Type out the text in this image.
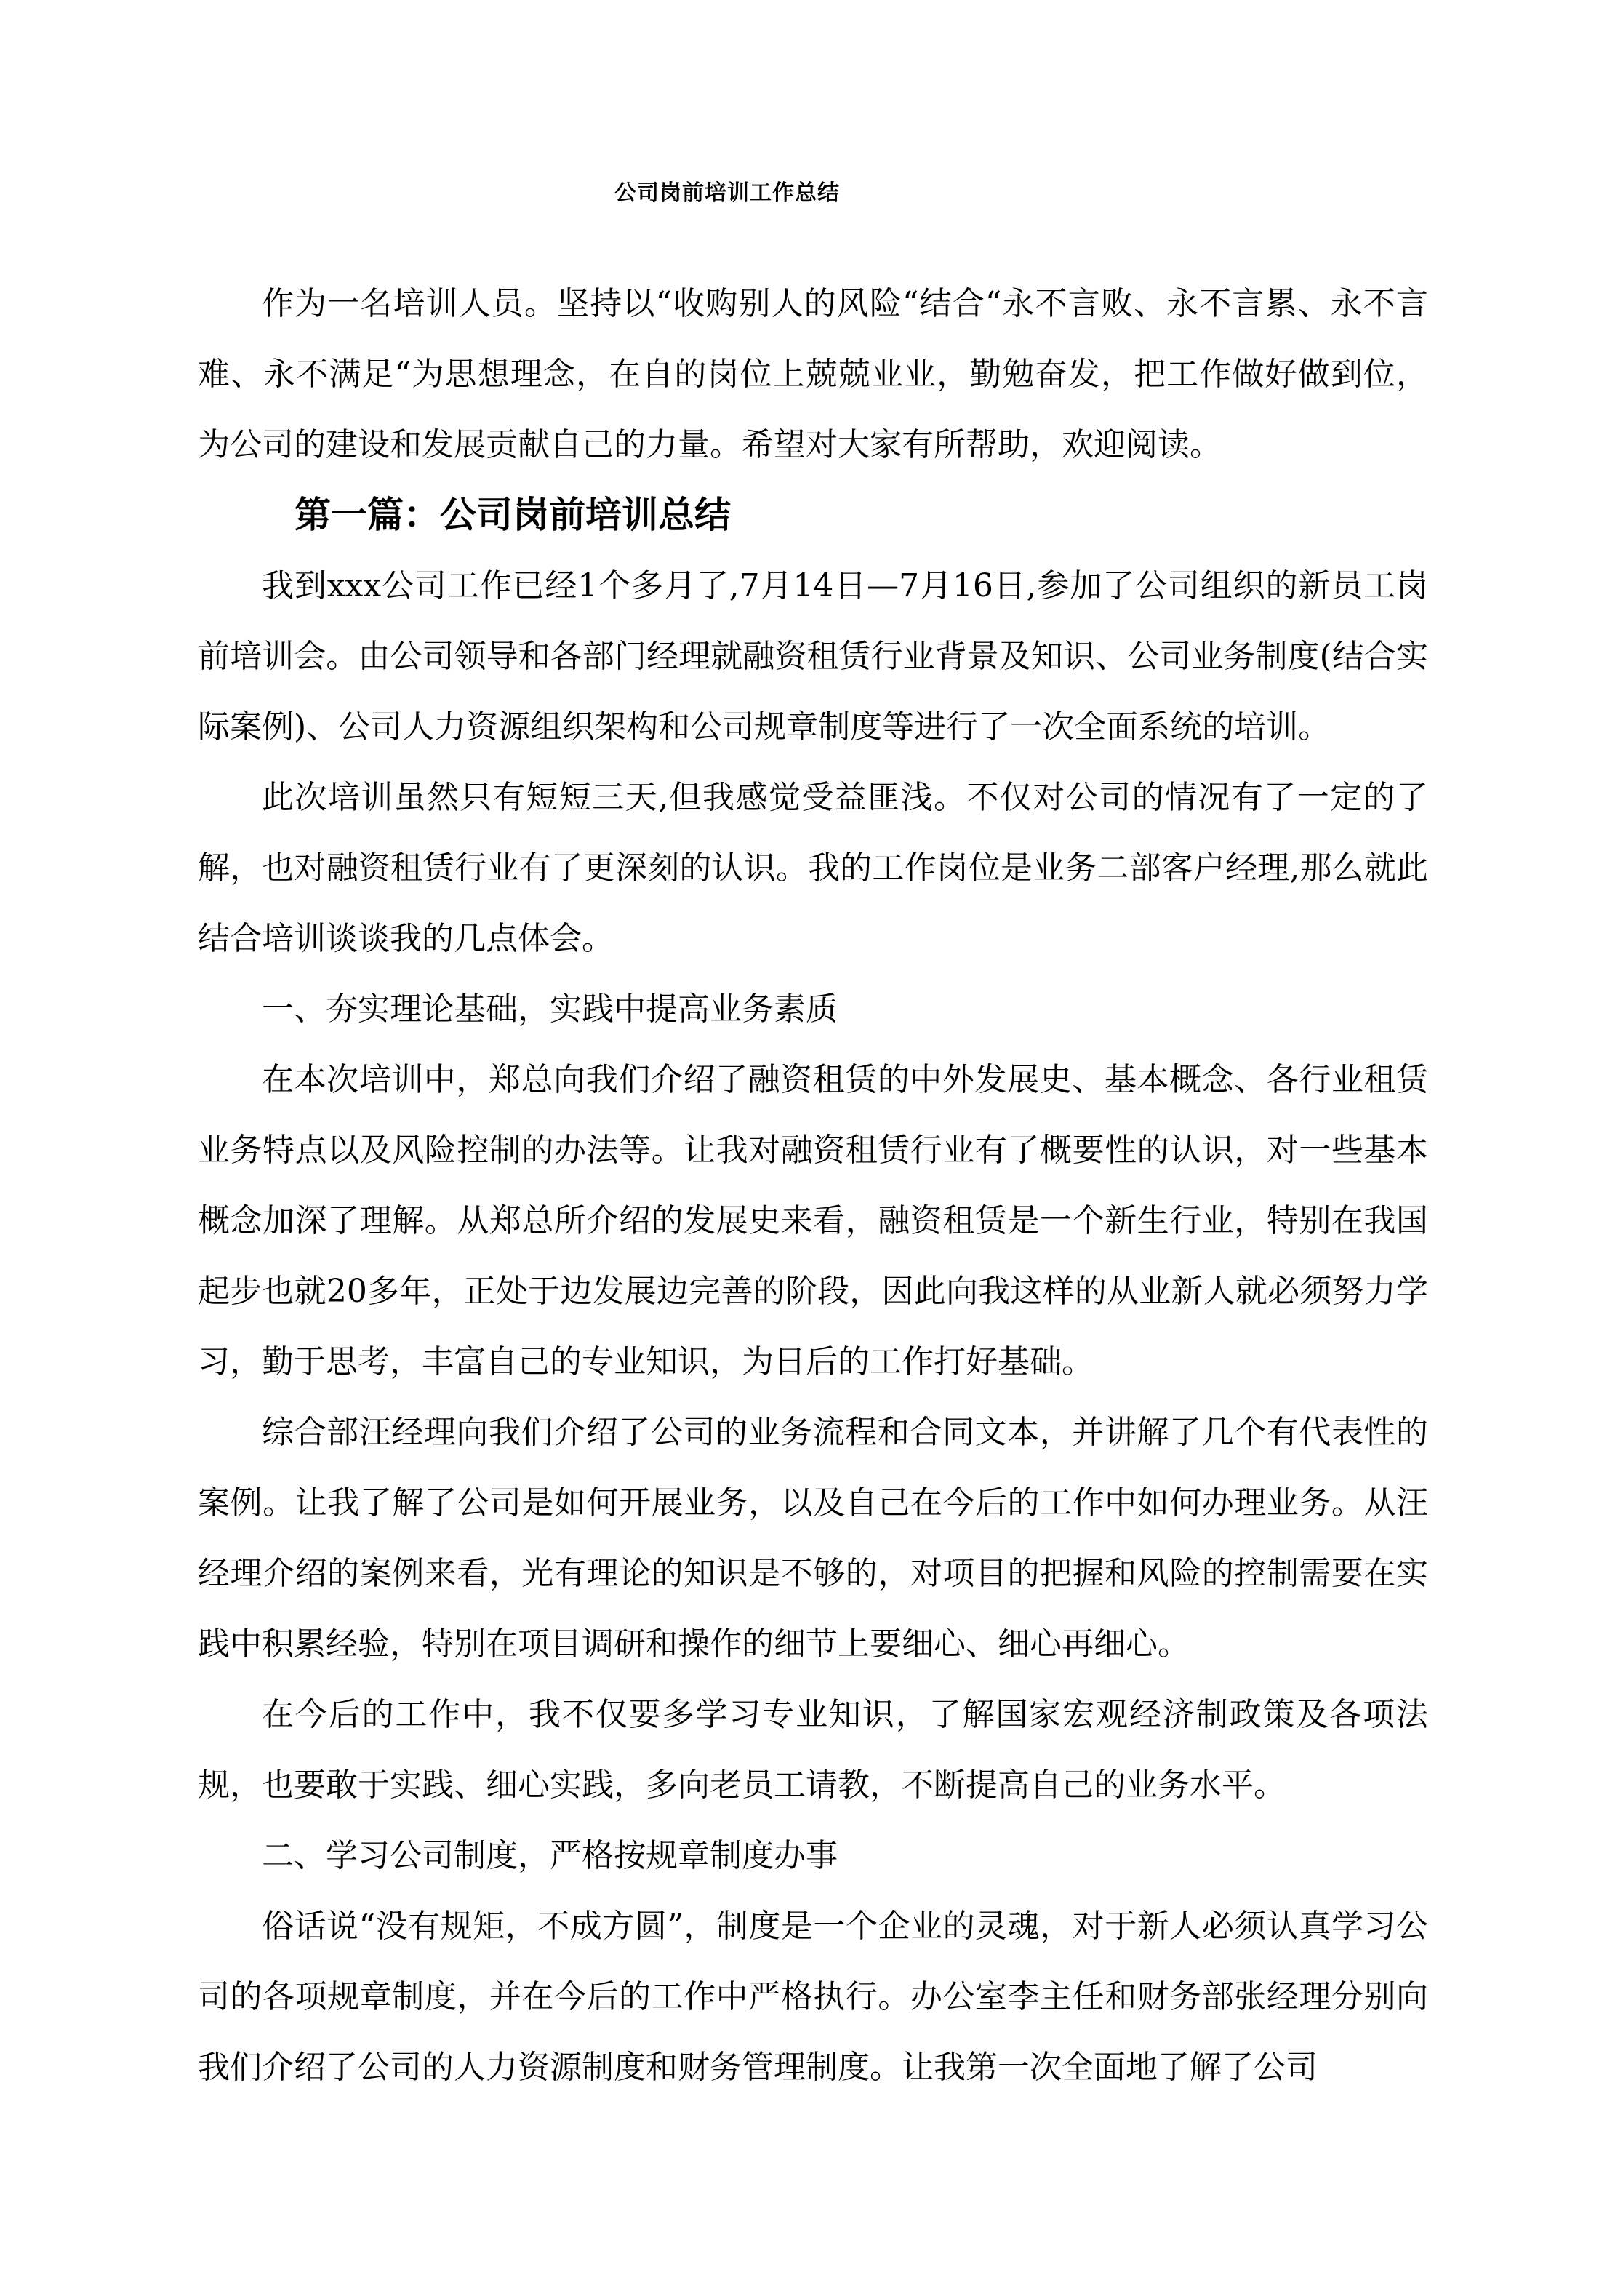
公司岗前培训工作总结

作为一名培训人员。坚持以“收购别人的风险“结合“永不言败、永不言累、永不言难、永不满足“为思想理念，在自的岗位上兢兢业业，勤勉奋发，把工作做好做到位，为公司的建设和发展贡献自己的力量。希望对大家有所帮助，欢迎阅读。

第一篇：公司岗前培训总结

我到xxx公司工作已经1个多月了,7月14日—7月16日,参加了公司组织的新员工岗前培训会。由公司领导和各部门经理就融资租赁行业背景及知识、公司业务制度(结合实际案例)、公司人力资源组织架构和公司规章制度等进行了一次全面系统的培训。

此次培训虽然只有短短三天,但我感觉受益匪浅。不仅对公司的情况有了一定的了解，也对融资租赁行业有了更深刻的认识。我的工作岗位是业务二部客户经理,那么就此结合培训谈谈我的几点体会。

一、夯实理论基础，实践中提高业务素质

在本次培训中，郑总向我们介绍了融资租赁的中外发展史、基本概念、各行业租赁业务特点以及风险控制的办法等。让我对融资租赁行业有了概要性的认识，对一些基本概念加深了理解。从郑总所介绍的发展史来看，融资租赁是一个新生行业，特别在我国起步也就20多年，正处于边发展边完善的阶段，因此向我这样的从业新人就必须努力学习，勤于思考，丰富自己的专业知识，为日后的工作打好基础。

综合部汪经理向我们介绍了公司的业务流程和合同文本，并讲解了几个有代表性的案例。让我了解了公司是如何开展业务，以及自己在今后的工作中如何办理业务。从汪经理介绍的案例来看，光有理论的知识是不够的，对项目的把握和风险的控制需要在实践中积累经验，特别在项目调研和操作的细节上要细心、细心再细心。

在今后的工作中，我不仅要多学习专业知识，了解国家宏观经济制政策及各项法规，也要敢于实践、细心实践，多向老员工请教，不断提高自己的业务水平。

二、学习公司制度，严格按规章制度办事

俗话说“没有规矩，不成方圆”，制度是一个企业的灵魂，对于新人必须认真学习公司的各项规章制度，并在今后的工作中严格执行。办公室李主任和财务部张经理分别向我们介绍了公司的人力资源制度和财务管理制度。让我第一次全面地了解了公司
